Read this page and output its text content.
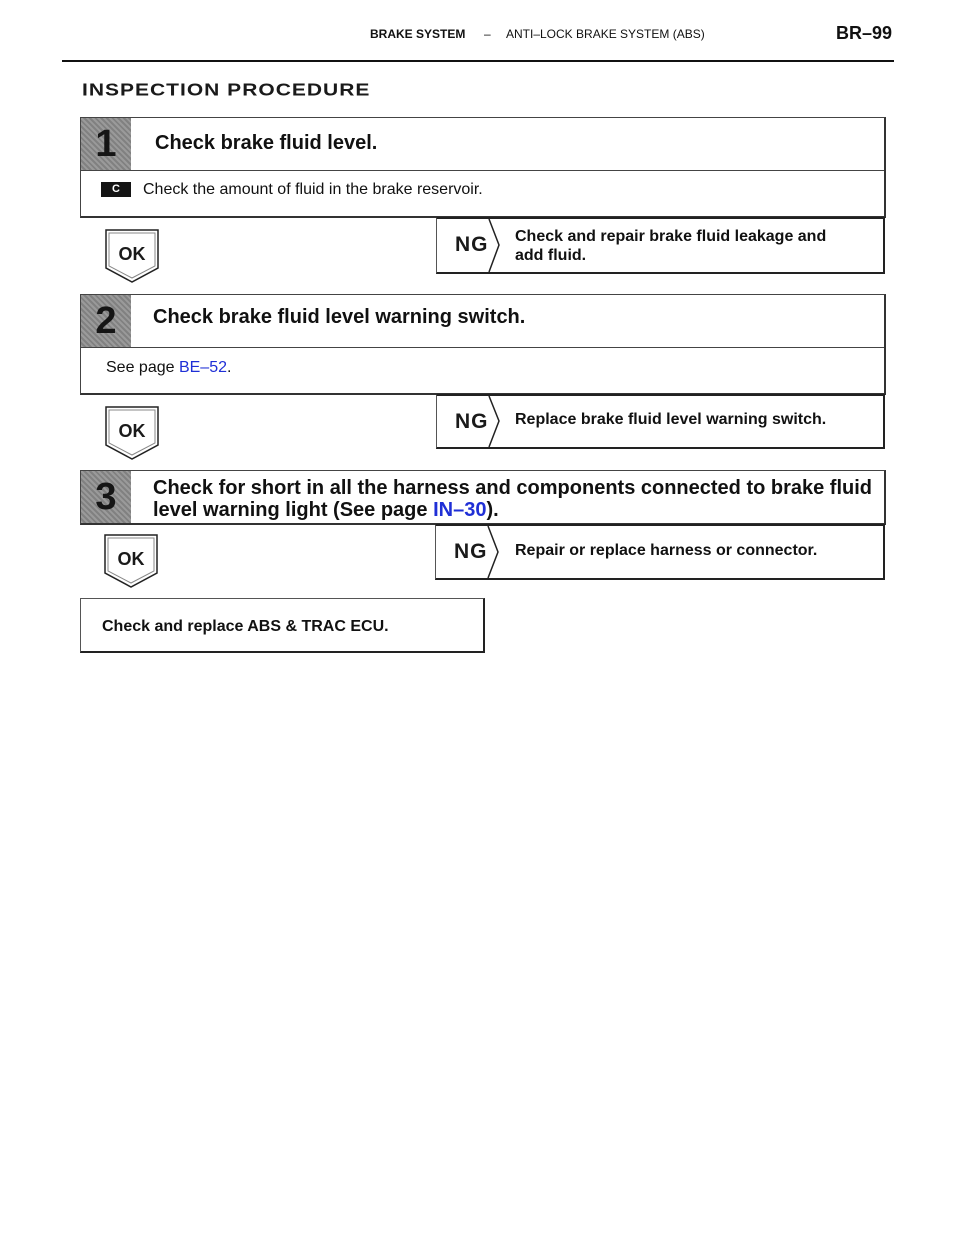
BRAKE SYSTEM – ANTI–LOCK BRAKE SYSTEM (ABS)	BR–99
INSPECTION PROCEDURE
1	Check brake fluid level.
C Check the amount of fluid in the brake reservoir.
OK	NG Check and repair brake fluid leakage and
add fluid.
2	Check brake fluid level warning switch.
See page BE–52.
OK	NG Replace brake fluid level warning switch.
3	Check for short in all the harness and components connected to brake fluid
level warning light (See page IN–30).
OK	NG Repair or replace harness or connector.
Check and replace ABS & TRAC ECU.
